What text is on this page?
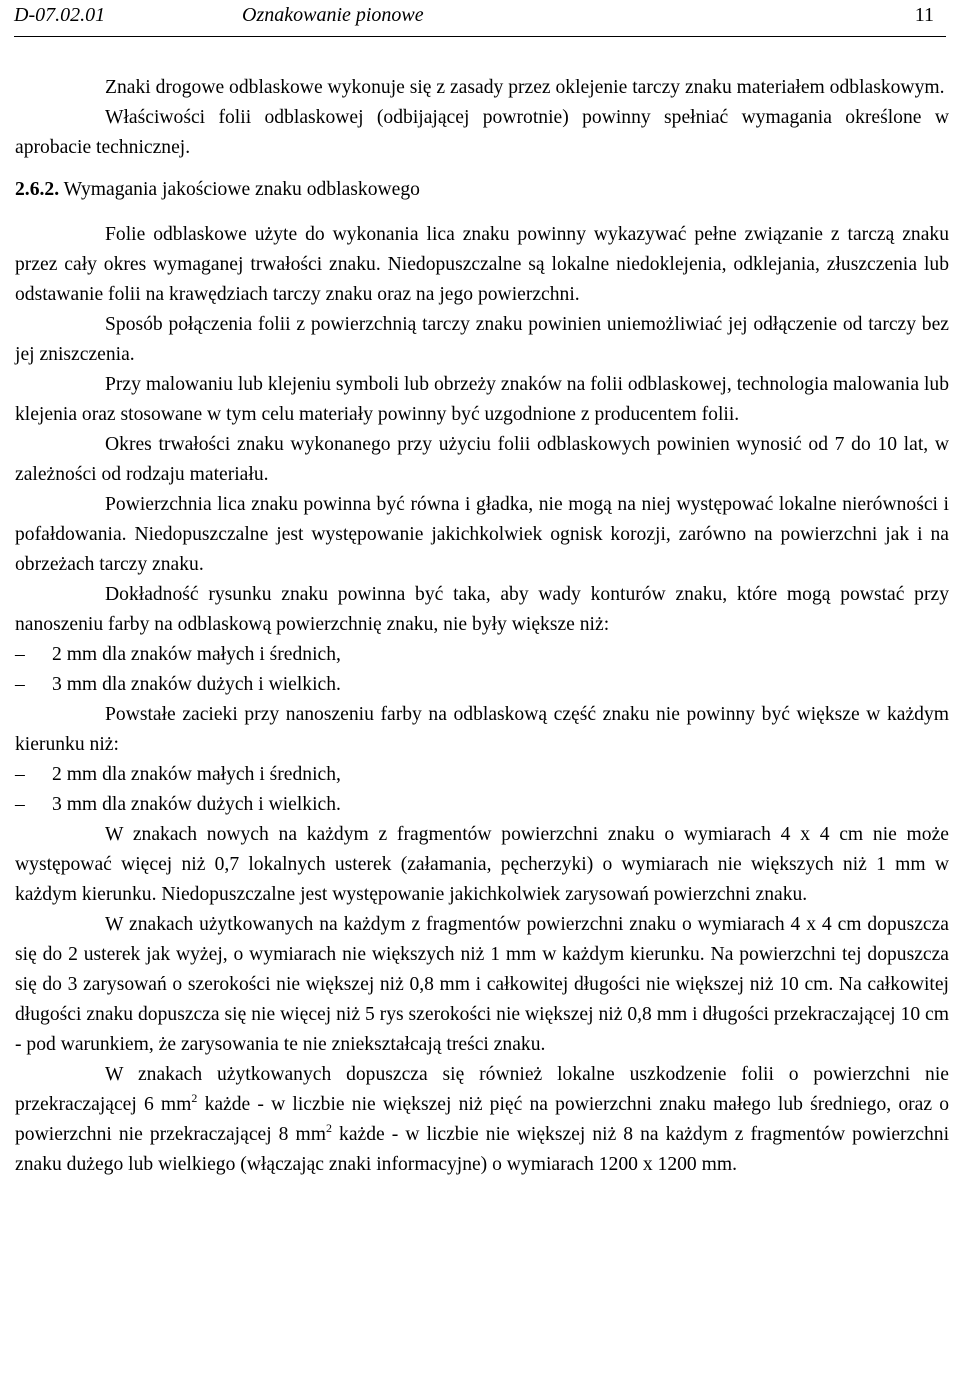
D-07.02.01	Oznakowanie pionowe	11

Znaki drogowe odblaskowe wykonuje się z zasady przez oklejenie tarczy znaku materiałem odblaskowym.

Właściwości folii odblaskowej (odbijającej powrotnie) powinny spełniać wymagania określone w aprobacie technicznej.

2.6.2. Wymagania jakościowe znaku odblaskowego

Folie odblaskowe użyte do wykonania lica znaku powinny wykazywać pełne związanie z tarczą znaku przez cały okres wymaganej trwałości znaku. Niedopuszczalne są lokalne niedoklejenia, odklejania, złuszczenia lub odstawanie folii na krawędziach tarczy znaku oraz na jego powierzchni.

Sposób połączenia folii z powierzchnią tarczy znaku powinien uniemożliwiać jej odłączenie od tarczy bez jej zniszczenia.

Przy malowaniu lub klejeniu symboli lub obrzeży znaków na folii odblaskowej, technologia malowania lub klejenia oraz stosowane w tym celu materiały powinny być uzgodnione z producentem folii.

Okres trwałości znaku wykonanego przy użyciu folii odblaskowych powinien wynosić od 7 do 10 lat, w zależności od rodzaju materiału.

Powierzchnia lica znaku powinna być równa i gładka, nie mogą na niej występować lokalne nierówności i pofałdowania. Niedopuszczalne jest występowanie jakichkolwiek ognisk korozji, zarówno na powierzchni jak i na obrzeżach tarczy znaku.

Dokładność rysunku znaku powinna być taka, aby wady konturów znaku, które mogą powstać przy nanoszeniu farby na odblaskową powierzchnię znaku, nie były większe niż:

– 2 mm dla znaków małych i średnich,

– 3 mm dla znaków dużych i wielkich.

Powstałe zacieki przy nanoszeniu farby na odblaskową część znaku nie powinny być większe w każdym kierunku niż:

– 2 mm dla znaków małych i średnich,

– 3 mm dla znaków dużych i wielkich.

W znakach nowych na każdym z fragmentów powierzchni znaku o wymiarach 4 x 4 cm nie może występować więcej niż 0,7 lokalnych usterek (załamania, pęcherzyki) o wymiarach nie większych niż 1 mm w każdym kierunku. Niedopuszczalne jest występowanie jakichkolwiek zarysowań powierzchni znaku.

W znakach użytkowanych na każdym z fragmentów powierzchni znaku o wymiarach 4 x 4 cm dopuszcza się do 2 usterek jak wyżej, o wymiarach nie większych niż 1 mm w każdym kierunku. Na powierzchni tej dopuszcza się do 3 zarysowań o szerokości nie większej niż 0,8 mm i całkowitej długości nie większej niż 10 cm. Na całkowitej długości znaku dopuszcza się nie więcej niż 5 rys szerokości nie większej niż 0,8 mm i długości przekraczającej 10 cm - pod warunkiem, że zarysowania te nie zniekształcają treści znaku.

W znakach użytkowanych dopuszcza się również lokalne uszkodzenie folii o powierzchni nie przekraczającej 6 $mm^2$ każde - w liczbie nie większej niż pięć na powierzchni znaku małego lub średniego, oraz o powierzchni nie przekraczającej 8 $mm^2$ każde - w liczbie nie większej niż 8 na każdym z fragmentów powierzchni znaku dużego lub wielkiego (włączając znaki informacyjne) o wymiarach 1200 x 1200 mm.
